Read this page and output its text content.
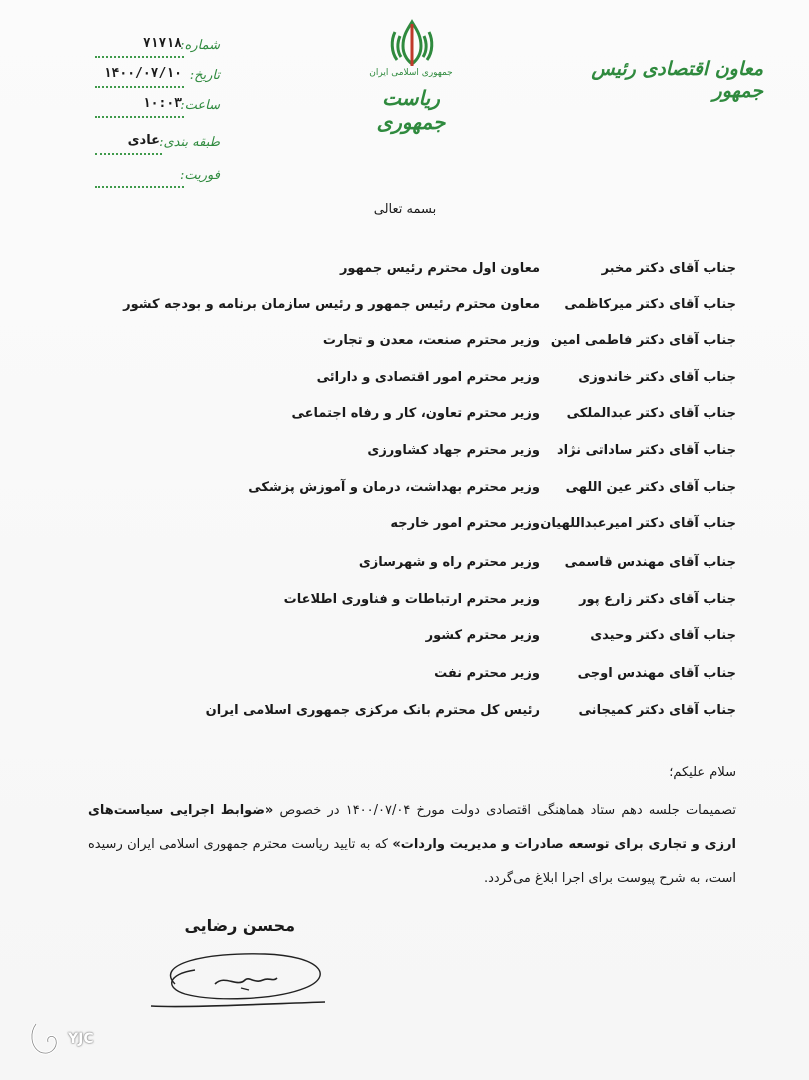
معاون اقتصادی رئیس جمهور
جمهوری اسلامی ایران
ریاست جمهوری
شماره:
۷۱۷۱۸
تاریخ:
۱۴۰۰/۰۷/۱۰
ساعت:
۱۰:۰۳
طبقه بندی:
عادی
فوریت:
بسمه تعالی
جناب آقای دکتر مخبر
معاون اول محترم رئیس جمهور
جناب آقای دکتر میرکاظمی
معاون محترم رئیس جمهور و رئیس سازمان برنامه و بودجه کشور
جناب آقای دکتر فاطمی امین
وزیر محترم صنعت، معدن و تجارت
جناب آقای دکتر خاندوزی
وزیر محترم امور اقتصادی و دارائی
جناب آقای دکتر عبدالملکی
وزیر محترم تعاون، کار و رفاه اجتماعی
جناب آقای دکتر ساداتی نژاد
وزیر محترم جهاد کشاورزی
جناب آقای دکتر عین اللهی
وزیر محترم بهداشت، درمان و آموزش پزشکی
جناب آقای دکتر امیرعبداللهیان
وزیر محترم امور خارجه
جناب آقای مهندس قاسمی
وزیر محترم راه و شهرسازی
جناب آقای دکتر زارع پور
وزیر محترم ارتباطات و فناوری اطلاعات
جناب آقای دکتر وحیدی
وزیر محترم کشور
جناب آقای مهندس اوجی
وزیر محترم نفت
جناب آقای دکتر کمیجانی
رئیس کل محترم بانک مرکزی جمهوری اسلامی ایران
سلام علیکم؛
تصمیمات جلسه دهم ستاد هماهنگی اقتصادی دولت مورخ ۱۴۰۰/۰۷/۰۴ در خصوص «ضوابط اجرایی سیاست‌های ارزی و تجاری برای توسعه صادرات و مدیریت واردات» که به تایید ریاست محترم جمهوری اسلامی ایران رسیده است، به شرح پیوست برای اجرا ابلاغ می‌گردد.
محسن رضایی
YJC
